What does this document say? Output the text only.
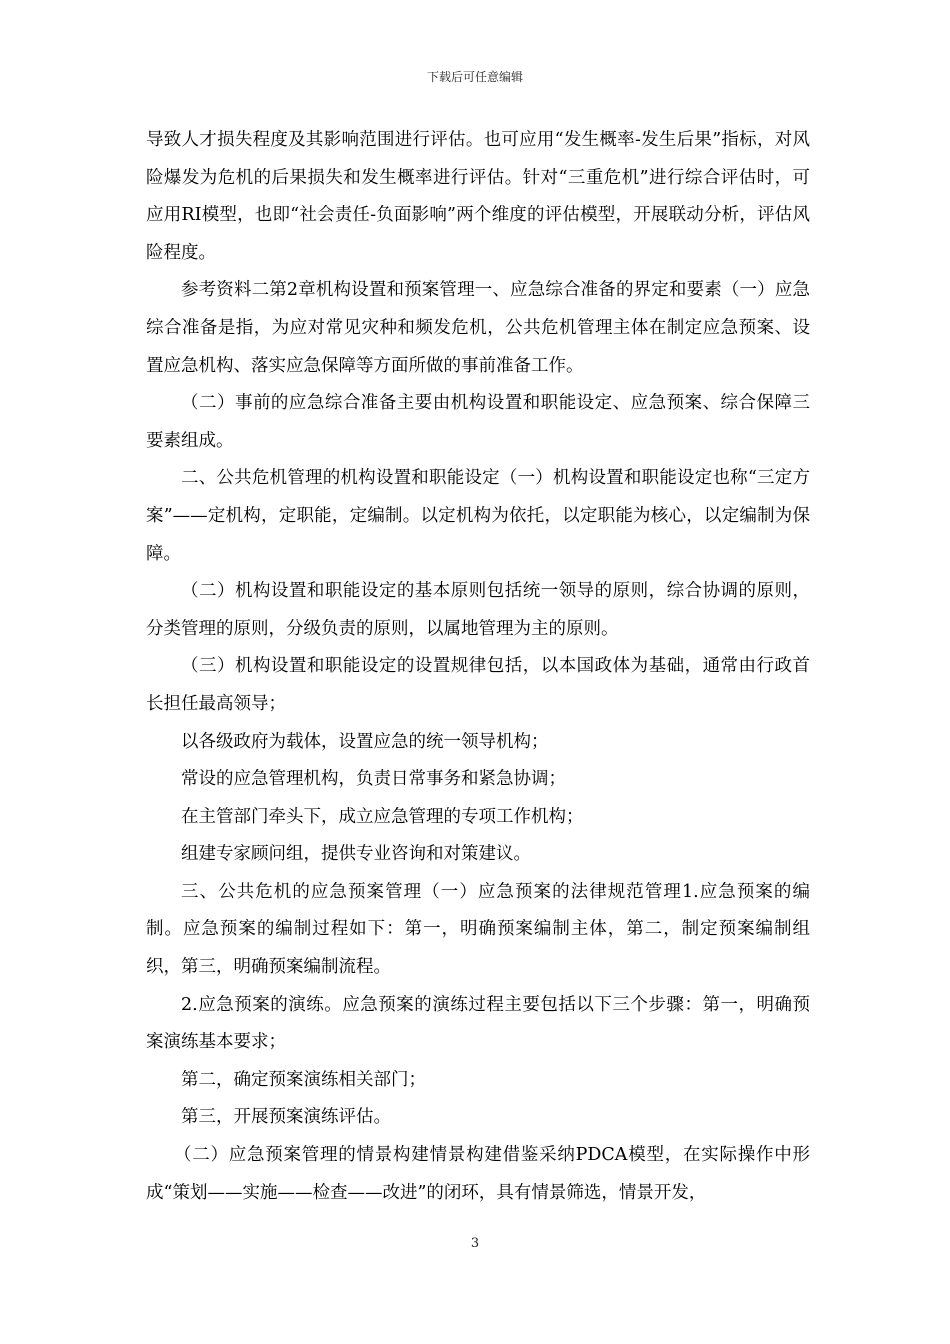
下载后可任意编辑

导致人才损失程度及其影响范围进行评估。也可应用“发生概率-发生后果”指标，对风险爆发为危机的后果损失和发生概率进行评估。针对“三重危机”进行综合评估时，可应用RI模型，也即“社会责任-负面影响”两个维度的评估模型，开展联动分析，评估风险程度。

参考资料二第2章机构设置和预案管理一、应急综合准备的界定和要素（一）应急综合准备是指，为应对常见灾种和频发危机，公共危机管理主体在制定应急预案、设置应急机构、落实应急保障等方面所做的事前准备工作。

（二）事前的应急综合准备主要由机构设置和职能设定、应急预案、综合保障三要素组成。

二、公共危机管理的机构设置和职能设定（一）机构设置和职能设定也称“三定方案”——定机构，定职能，定编制。以定机构为依托，以定职能为核心，以定编制为保障。

（二）机构设置和职能设定的基本原则包括统一领导的原则，综合协调的原则，分类管理的原则，分级负责的原则，以属地管理为主的原则。

（三）机构设置和职能设定的设置规律包括，以本国政体为基础，通常由行政首长担任最高领导；

以各级政府为载体，设置应急的统一领导机构；

常设的应急管理机构，负责日常事务和紧急协调；

在主管部门牵头下，成立应急管理的专项工作机构；

组建专家顾问组，提供专业咨询和对策建议。

三、公共危机的应急预案管理（一）应急预案的法律规范管理1.应急预案的编制。应急预案的编制过程如下：第一，明确预案编制主体，第二，制定预案编制组织，第三，明确预案编制流程。

2.应急预案的演练。应急预案的演练过程主要包括以下三个步骤：第一，明确预案演练基本要求；

第二，确定预案演练相关部门；

第三，开展预案演练评估。

（二）应急预案管理的情景构建情景构建借鉴采纳PDCA模型，在实际操作中形成“策划——实施——检查——改进”的闭环，具有情景筛选，情景开发，

3
